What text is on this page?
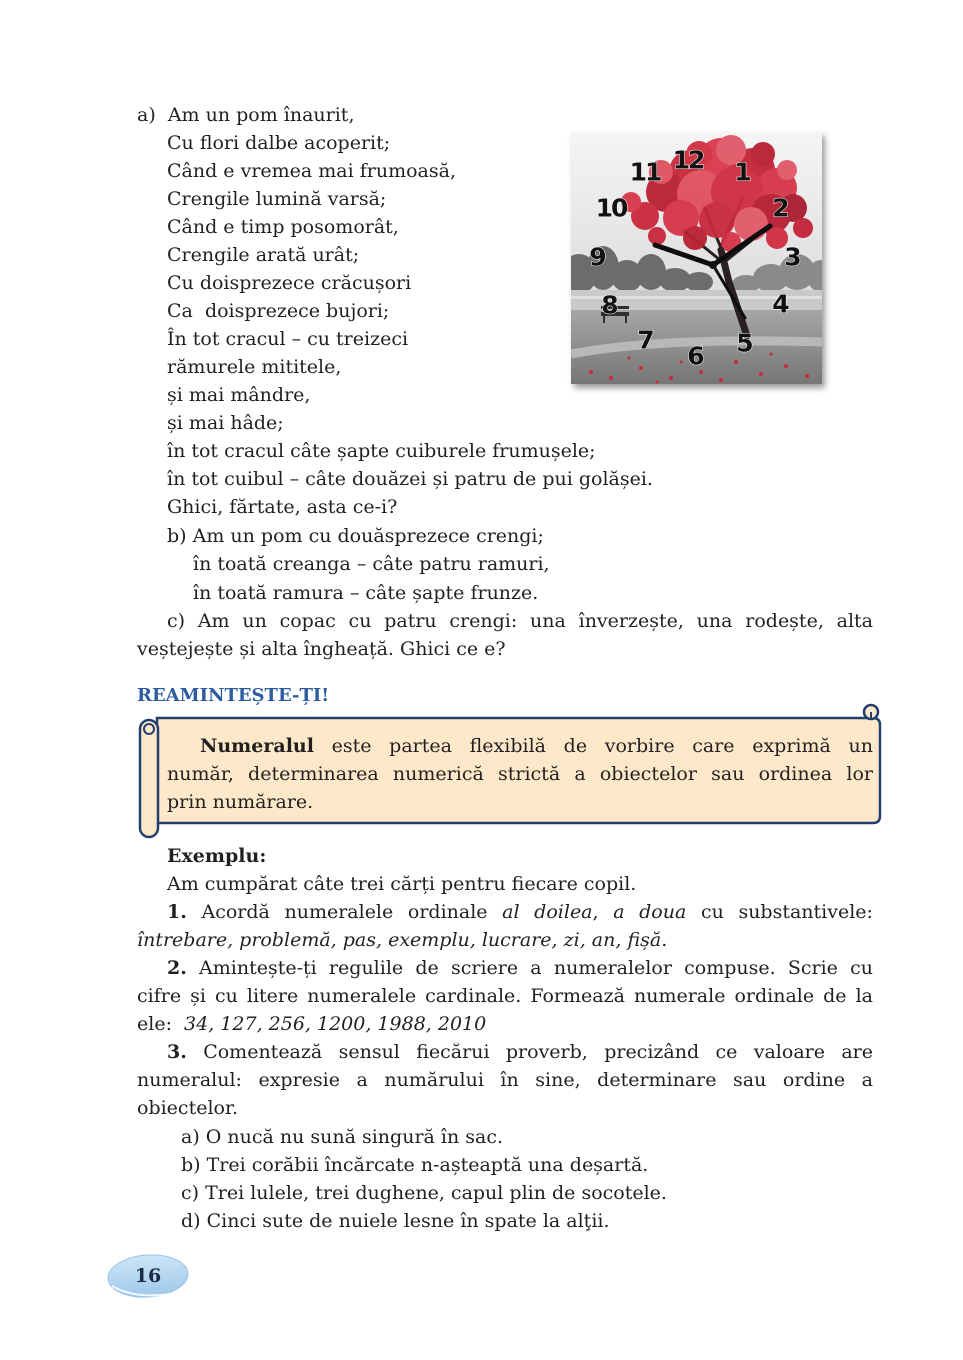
a)  Am un pom înaurit,
Cu flori dalbe acoperit;
Când e vremea mai frumoasă,
Crengile lumină varsă;
Când e timp posomorât,
Crengile arată urât;
Cu doisprezece crăcușori
Ca  doisprezece bujori;
În tot cracul – cu treizeci
rămurele mititele,
și mai mândre,
și mai hâde;
în tot cracul câte șapte cuiburele frumușele;
în tot cuibul – câte douăzei și patru de pui golășei.
Ghici, fărtate, asta ce-i?
b) Am un pom cu douăsprezece crengi;
în toată creanga – câte patru ramuri,
în toată ramura – câte șapte frunze.
c) Am un copac cu patru crengi: una înverzește, una rodește, alta
veștejește și alta îngheață. Ghici ce e?
12 1
2
3
4
5
6
7
8
9
10
11
REAMINTEȘTE-ȚI!
Numeralul este partea flexibilă de vorbire care exprimă un
număr, determinarea numerică strictă a obiectelor sau ordinea lor
prin numărare.
Exemplu:
Am cumpărat câte trei cărți pentru fiecare copil.
1. Acordă numeralele ordinale al doilea, a doua cu substantivele:
întrebare, problemă, pas, exemplu, lucrare, zi, an, fișă.
2. Amintește-ți regulile de scriere a numeralelor compuse. Scrie cu
cifre și cu litere numeralele cardinale. Formează numerale ordinale de la
ele:  34, 127, 256, 1200, 1988, 2010
3. Comentează sensul fiecărui proverb, precizând ce valoare are
numeralul: expresie a numărului în sine, determinare sau ordine a
obiectelor.
a) O nucă nu sună singură în sac.
b) Trei corăbii încărcate n-așteaptă una deșartă.
c) Trei lulele, trei dughene, capul plin de socotele.
d) Cinci sute de nuiele lesne în spate la alţii.
16
